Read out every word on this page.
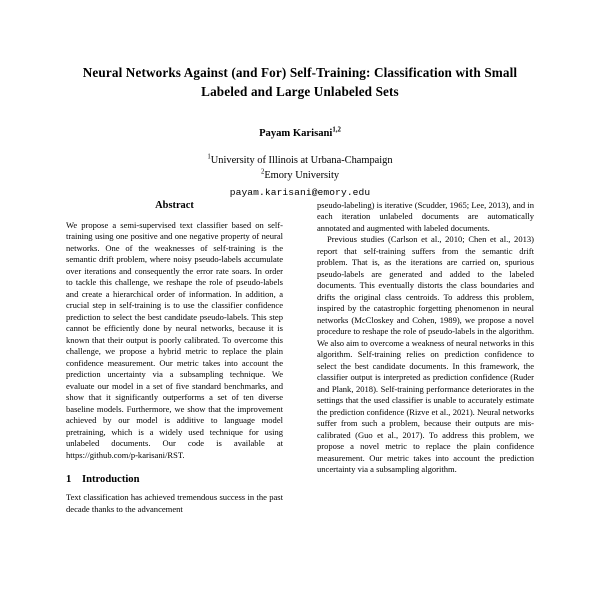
Neural Networks Against (and For) Self-Training: Classification with Small Labeled and Large Unlabeled Sets

Payam Karisani$^{1,2}$

$^1$University of Illinois at Urbana-Champaign

$^2$Emory University

payam.karisani@emory.edu

Abstract

We propose a semi-supervised text classifier based on self-training using one positive and one negative property of neural networks. One of the weaknesses of self-training is the semantic drift problem, where noisy pseudo-labels accumulate over iterations and consequently the error rate soars. In order to tackle this challenge, we reshape the role of pseudo-labels and create a hierarchical order of information. In addition, a crucial step in self-training is to use the classifier confidence prediction to select the best candidate pseudo-labels. This step cannot be efficiently done by neural networks, because it is known that their output is poorly calibrated. To overcome this challenge, we propose a hybrid metric to replace the plain confidence measurement. Our metric takes into account the prediction uncertainty via a subsampling technique. We evaluate our model in a set of five standard benchmarks, and show that it significantly outperforms a set of ten diverse baseline models. Furthermore, we show that the improvement achieved by our model is additive to language model pretraining, which is a widely used technique for using unlabeled documents. Our code is available at https://github.com/p-karisani/RST.

1 Introduction

Text classification has achieved tremendous success in the past decade thanks to the advancement

pseudo-labeling) is iterative (Scudder, 1965; Lee, 2013), and in each iteration unlabeled documents are automatically annotated and augmented with labeled documents.

Previous studies (Carlson et al., 2010; Chen et al., 2013) report that self-training suffers from the semantic drift problem. That is, as the iterations are carried on, spurious pseudo-labels are generated and added to the labeled documents. This eventually distorts the class boundaries and drifts the original class centroids. To address this problem, inspired by the catastrophic forgetting phenomenon in neural networks (McCloskey and Cohen, 1989), we propose a novel procedure to reshape the role of pseudo-labels in the algorithm. We also aim to overcome a weakness of neural networks in this algorithm. Self-training relies on prediction confidence to select the best candidate documents. In this framework, the classifier output is interpreted as prediction confidence (Ruder and Plank, 2018). Self-training performance deteriorates in the settings that the used classifier is unable to accurately estimate the prediction confidence (Rizve et al., 2021). Neural networks suffer from such a problem, because their outputs are mis-calibrated (Guo et al., 2017). To address this problem, we propose a novel metric to replace the plain confidence measurement. Our metric takes into account the prediction uncertainty via a subsampling algorithm.
